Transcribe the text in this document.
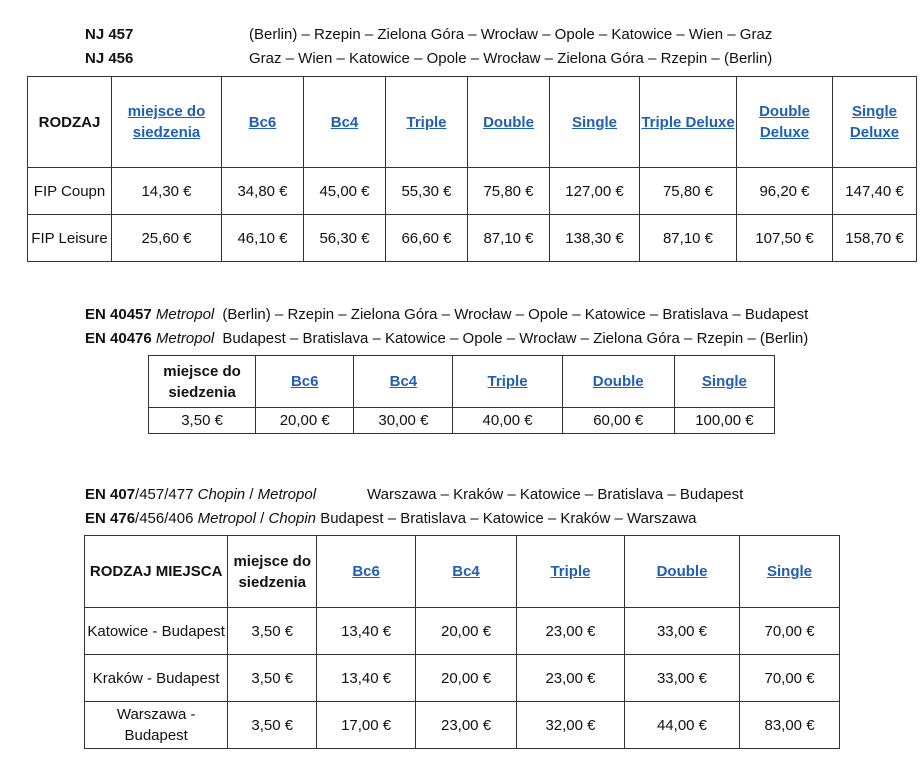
NJ 457	(Berlin) – Rzepin – Zielona Góra – Wrocław – Opole – Katowice – Wien – Graz
NJ 456	Graz – Wien – Katowice – Opole – Wrocław – Zielona Góra – Rzepin – (Berlin)
RODZAJ	miejsce do siedzenia	Bc6	Bc4	Triple	Double	Single	Triple Deluxe	Double Deluxe	Single Deluxe
FIP Coupn	14,30 €	34,80 €	45,00 €	55,30 €	75,80 €	127,00 €	75,80 €	96,20 €	147,40 €
FIP Leisure	25,60 €	46,10 €	56,30 €	66,60 €	87,10 €	138,30 €	87,10 €	107,50 €	158,70 €
EN 40457 Metropol (Berlin) – Rzepin – Zielona Góra – Wrocław – Opole – Katowice – Bratislava – Budapest
EN 40476 Metropol Budapest – Bratislava – Katowice – Opole – Wrocław – Zielona Góra – Rzepin – (Berlin)
miejsce do siedzenia	Bc6	Bc4	Triple	Double	Single
3,50 €	20,00 €	30,00 €	40,00 €	60,00 €	100,00 €
EN 407/457/477 Chopin / Metropol	Warszawa – Kraków – Katowice – Bratislava – Budapest
EN 476/456/406 Metropol / Chopin Budapest – Bratislava – Katowice – Kraków – Warszawa
RODZAJ MIEJSCA	miejsce do siedzenia	Bc6	Bc4	Triple	Double	Single
Katowice - Budapest	3,50 €	13,40 €	20,00 €	23,00 €	33,00 €	70,00 €
Kraków - Budapest	3,50 €	13,40 €	20,00 €	23,00 €	33,00 €	70,00 €
Warszawa - Budapest	3,50 €	17,00 €	23,00 €	32,00 €	44,00 €	83,00 €
